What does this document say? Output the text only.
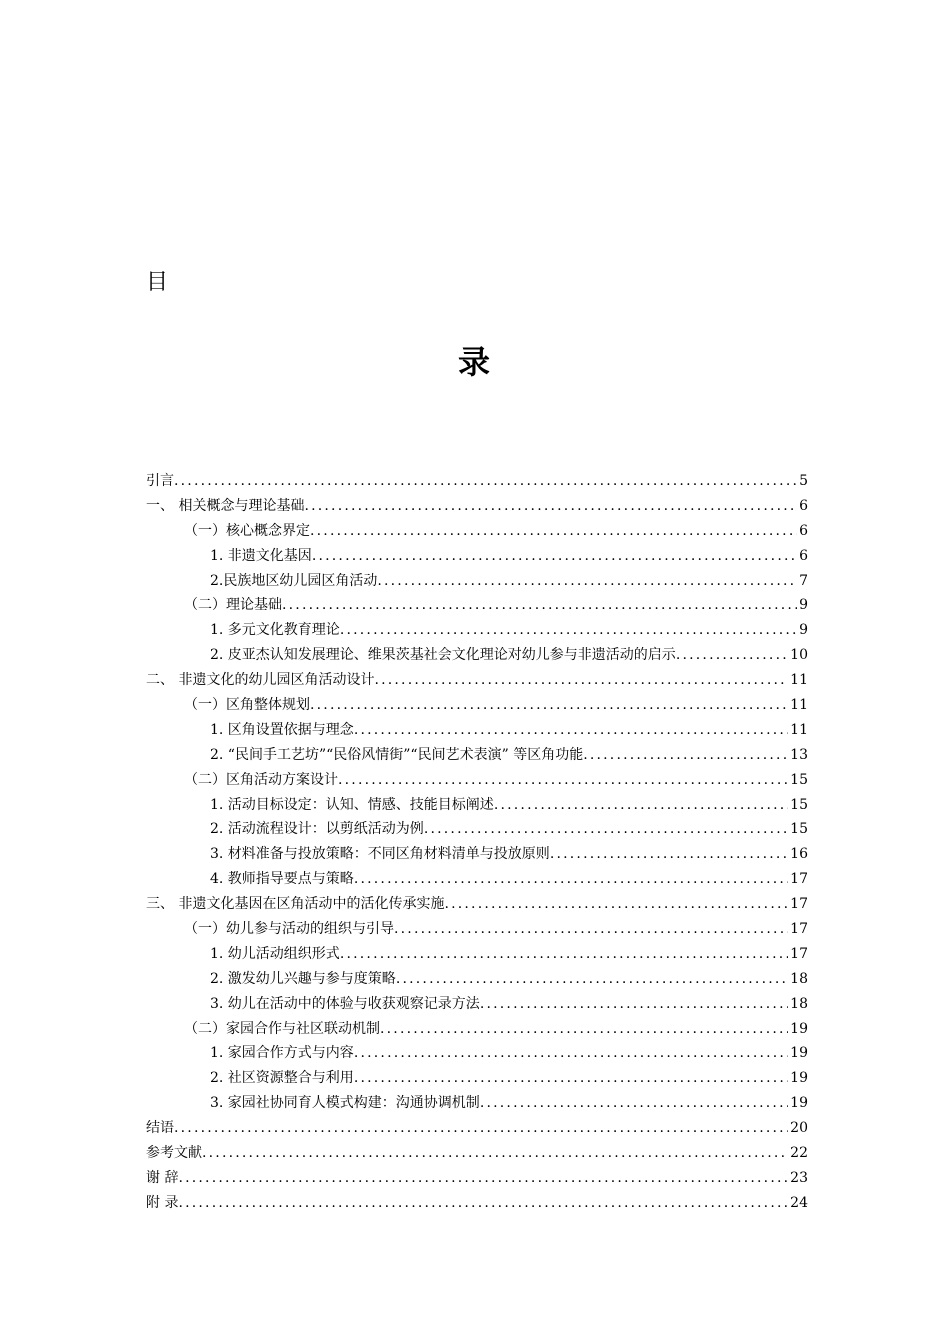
目
录
引言 .....	5
一、 相关概念与理论基础 .....	6
（一）核心概念界定 .....	6
1. 非遗文化基因 .....	6
2.民族地区幼儿园区角活动 .....	7
（二）理论基础 .....	9
1. 多元文化教育理论 .....	9
2. 皮亚杰认知发展理论、维果茨基社会文化理论对幼儿参与非遗活动的启示 .....	10
二、 非遗文化的幼儿园区角活动设计 .....	11
（一）区角整体规划 .....	11
1. 区角设置依据与理念 .....	11
2. “民间手工艺坊”“民俗风情街”“民间艺术表演” 等区角功能 .....	13
（二）区角活动方案设计 .....	15
1. 活动目标设定：认知、情感、技能目标阐述 .....	15
2. 活动流程设计：以剪纸活动为例 .....	15
3. 材料准备与投放策略：不同区角材料清单与投放原则 .....	16
4. 教师指导要点与策略 .....	17
三、 非遗文化基因在区角活动中的活化传承实施 .....	17
（一）幼儿参与活动的组织与引导 .....	17
1. 幼儿活动组织形式 .....	17
2. 激发幼儿兴趣与参与度策略 .....	18
3. 幼儿在活动中的体验与收获观察记录方法 .....	18
（二）家园合作与社区联动机制 .....	19
1. 家园合作方式与内容 .....	19
2. 社区资源整合与利用 .....	19
3. 家园社协同育人模式构建：沟通协调机制 .....	19
结语 .....	20
参考文献 .....	22
谢 辞 .....	23
附 录 .....	24
